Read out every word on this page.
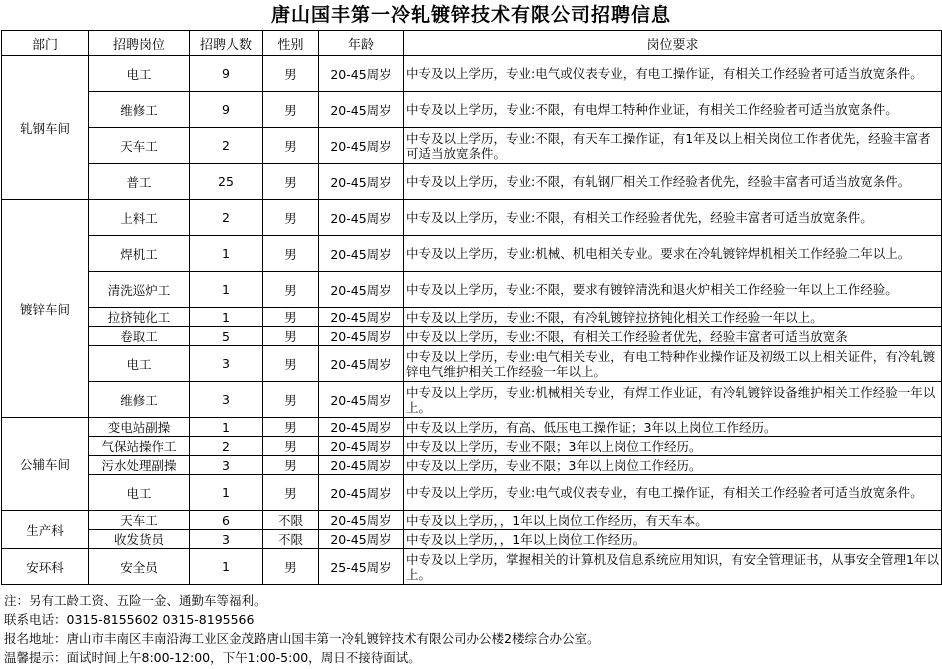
唐山国丰第一冷轧镀锌技术有限公司招聘信息
部门	招聘岗位	招聘人数	性别	年龄	岗位要求
轧钢车间	电工	9	男	20-45周岁	中专及以上学历，专业:电气或仪表专业，有电工操作证，有相关工作经验者可适当放宽条件。
	维修工	9	男	20-45周岁	中专及以上学历，专业:不限，有电焊工特种作业证，有相关工作经验者可适当放宽条件。
	天车工	2	男	20-45周岁	中专及以上学历，专业:不限，有天车工操作证，有1年及以上相关岗位工作者优先，经验丰富者可适当放宽条件。
	普工	25	男	20-45周岁	中专及以上学历，专业:不限，有轧钢厂相关工作经验者优先，经验丰富者可适当放宽条件。
镀锌车间	上料工	2	男	20-45周岁	中专及以上学历，专业:不限，有相关工作经验者优先，经验丰富者可适当放宽条件。
	焊机工	1	男	20-45周岁	中专及以上学历，专业:机械、机电相关专业。要求在冷轧镀锌焊机相关工作经验二年以上。
	清洗巡炉工	1	男	20-45周岁	中专及以上学历，专业:不限，要求有镀锌清洗和退火炉相关工作经验一年以上工作经验。
	拉挤钝化工	1	男	20-45周岁	中专及以上学历，专业:不限，有冷轧镀锌拉挤钝化相关工作经验一年以上。
	卷取工	5	男	20-45周岁	中专及以上学历，专业:不限，有相关工作经验者优先，经验丰富者可适当放宽条
	电工	3	男	20-45周岁	中专及以上学历，专业:电气相关专业，有电工特种作业操作证及初级工以上相关证件，有冷轧镀锌电气维护相关工作经验一年以上。
	维修工	3	男	20-45周岁	中专及以上学历，专业:机械相关专业，有焊工作业证，有冷轧镀锌设备维护相关工作经验一年以上。
公辅车间	变电站副操	1	男	20-45周岁	中专及以上学历，有高、低压电工操作证；3年以上岗位工作经历。
	气保站操作工	2	男	20-45周岁	中专及以上学历，专业不限；3年以上岗位工作经历。
	污水处理副操	3	男	20-45周岁	中专及以上学历，专业不限；3年以上岗位工作经历。
	电工	1	男	20-45周岁	中专及以上学历，专业:电气或仪表专业，有电工操作证，有相关工作经验者可适当放宽条件。
生产科	天车工	6	不限	20-45周岁	中专及以上学历，，1年以上岗位工作经历，有天车本。
	收发货员	3	不限	20-45周岁	中专及以上学历，，1年以上岗位工作经历。
安环科	安全员	1	男	25-45周岁	中专及以上学历，掌握相关的计算机及信息系统应用知识，有安全管理证书，从事安全管理1年以上。
注：另有工龄工资、五险一金、通勤车等福利。
联系电话：0315-8155602 0315-8195566
报名地址：唐山市丰南区丰南沿海工业区金茂路唐山国丰第一冷轧镀锌技术有限公司办公楼2楼综合办公室。
温馨提示：面试时间上午8:00-12:00，下午1:00-5:00，周日不接待面试。
